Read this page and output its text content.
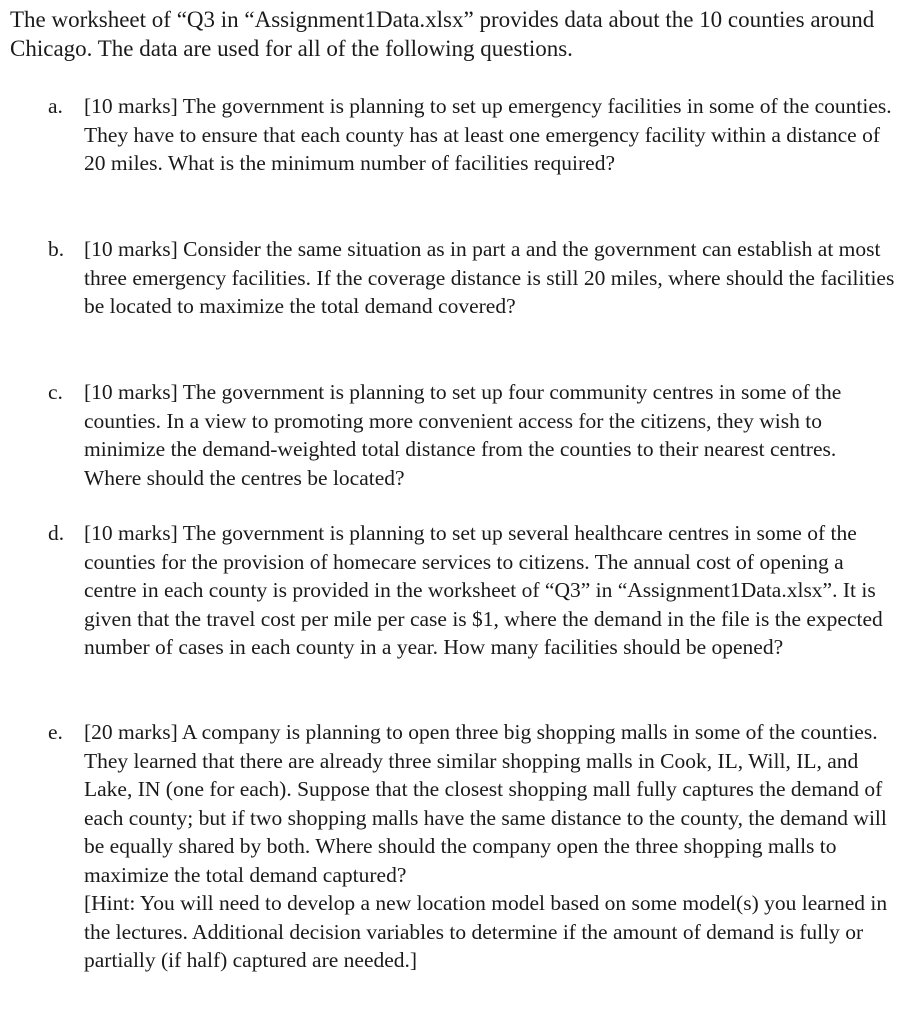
The worksheet of “Q3 in “Assignment1Data.xlsx” provides data about the 10 counties around Chicago. The data are used for all of the following questions.

a. [10 marks] The government is planning to set up emergency facilities in some of the counties. They have to ensure that each county has at least one emergency facility within a distance of 20 miles. What is the minimum number of facilities required?

b. [10 marks] Consider the same situation as in part a and the government can establish at most three emergency facilities. If the coverage distance is still 20 miles, where should the facilities be located to maximize the total demand covered?

c. [10 marks] The government is planning to set up four community centres in some of the counties. In a view to promoting more convenient access for the citizens, they wish to minimize the demand-weighted total distance from the counties to their nearest centres. Where should the centres be located?

d. [10 marks] The government is planning to set up several healthcare centres in some of the counties for the provision of homecare services to citizens. The annual cost of opening a centre in each county is provided in the worksheet of “Q3” in “Assignment1Data.xlsx”. It is given that the travel cost per mile per case is $1, where the demand in the file is the expected number of cases in each county in a year. How many facilities should be opened?

e. [20 marks] A company is planning to open three big shopping malls in some of the counties. They learned that there are already three similar shopping malls in Cook, IL, Will, IL, and Lake, IN (one for each). Suppose that the closest shopping mall fully captures the demand of each county; but if two shopping malls have the same distance to the county, the demand will be equally shared by both. Where should the company open the three shopping malls to maximize the total demand captured?

[Hint: You will need to develop a new location model based on some model(s) you learned in the lectures. Additional decision variables to determine if the amount of demand is fully or partially (if half) captured are needed.]
